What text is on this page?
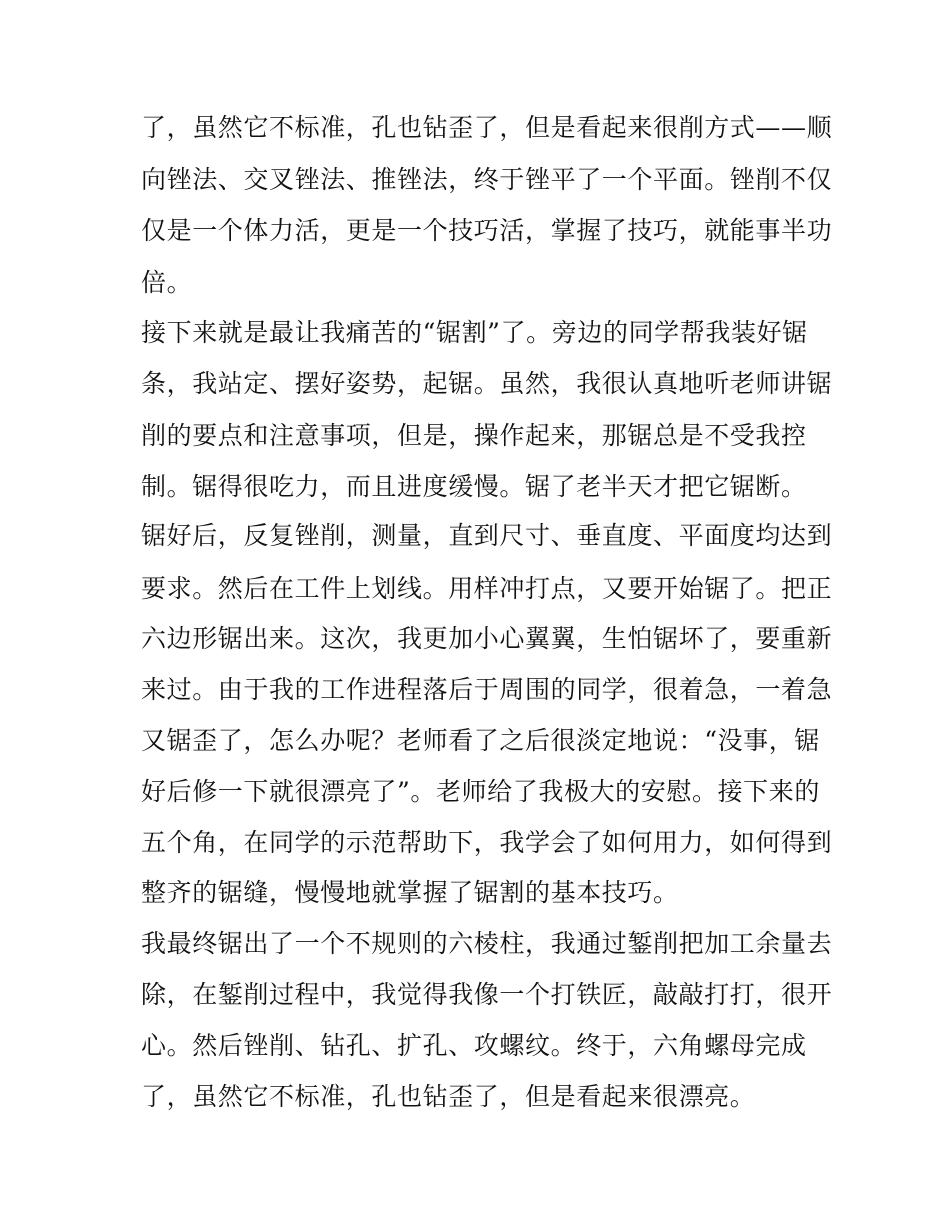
了，虽然它不标准，孔也钻歪了，但是看起来很削方式——顺

向锉法、交叉锉法、推锉法，终于锉平了一个平面。锉削不仅

仅是一个体力活，更是一个技巧活，掌握了技巧，就能事半功

倍。

接下来就是最让我痛苦的“锯割”了。旁边的同学帮我装好锯

条，我站定、摆好姿势，起锯。虽然，我很认真地听老师讲锯

削的要点和注意事项，但是，操作起来，那锯总是不受我控

制。锯得很吃力，而且进度缓慢。锯了老半天才把它锯断。

锯好后，反复锉削，测量，直到尺寸、垂直度、平面度均达到

要求。然后在工件上划线。用样冲打点，又要开始锯了。把正

六边形锯出来。这次，我更加小心翼翼，生怕锯坏了，要重新

来过。由于我的工作进程落后于周围的同学，很着急，一着急

又锯歪了，怎么办呢？老师看了之后很淡定地说：“没事，锯

好后修一下就很漂亮了”。老师给了我极大的安慰。接下来的

五个角，在同学的示范帮助下，我学会了如何用力，如何得到

整齐的锯缝，慢慢地就掌握了锯割的基本技巧。

我最终锯出了一个不规则的六棱柱，我通过錾削把加工余量去

除，在錾削过程中，我觉得我像一个打铁匠，敲敲打打，很开

心。然后锉削、钻孔、扩孔、攻螺纹。终于，六角螺母完成

了，虽然它不标准，孔也钻歪了，但是看起来很漂亮。
